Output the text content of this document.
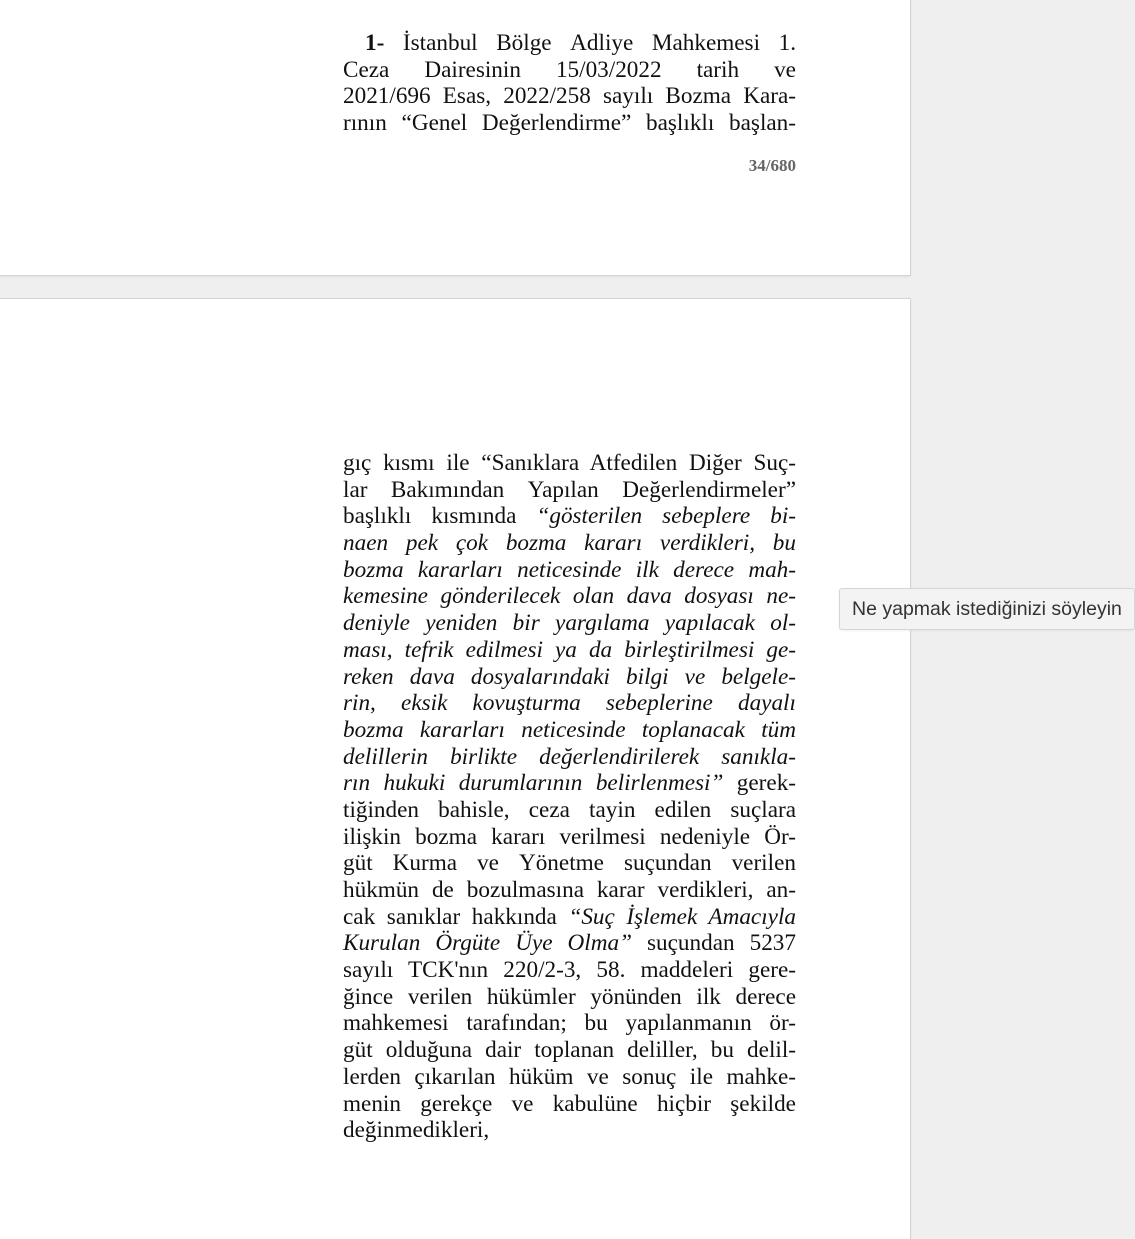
1- İstanbul Bölge Adliye Mahkemesi 1.
Ceza Dairesinin 15/03/2022 tarih ve
2021/696 Esas, 2022/258 sayılı Bozma Kara-
rının “Genel Değerlendirme” başlıklı başlan-
34/680
gıç kısmı ile “Sanıklara Atfedilen Diğer Suç-
lar Bakımından Yapılan Değerlendirmeler”
başlıklı kısmında “gösterilen sebeplere bi-
naen pek çok bozma kararı verdikleri, bu
bozma kararları neticesinde ilk derece mah-
kemesine gönderilecek olan dava dosyası ne-
deniyle yeniden bir yargılama yapılacak ol-
ması, tefrik edilmesi ya da birleştirilmesi ge-
reken dava dosyalarındaki bilgi ve belgele-
rin, eksik kovuşturma sebeplerine dayalı
bozma kararları neticesinde toplanacak tüm
delillerin birlikte değerlendirilerek sanıkla-
rın hukuki durumlarının belirlenmesi” gerek-
tiğinden bahisle, ceza tayin edilen suçlara
ilişkin bozma kararı verilmesi nedeniyle Ör-
güt Kurma ve Yönetme suçundan verilen
hükmün de bozulmasına karar verdikleri, an-
cak sanıklar hakkında “Suç İşlemek Amacıyla
Kurulan Örgüte Üye Olma” suçundan 5237
sayılı TCK'nın 220/2-3, 58. maddeleri gere-
ğince verilen hükümler yönünden ilk derece
mahkemesi tarafından; bu yapılanmanın ör-
güt olduğuna dair toplanan deliller, bu delil-
lerden çıkarılan hüküm ve sonuç ile mahke-
menin gerekçe ve kabulüne hiçbir şekilde
değinmedikleri,
Ne yapmak istediğinizi söyleyin
